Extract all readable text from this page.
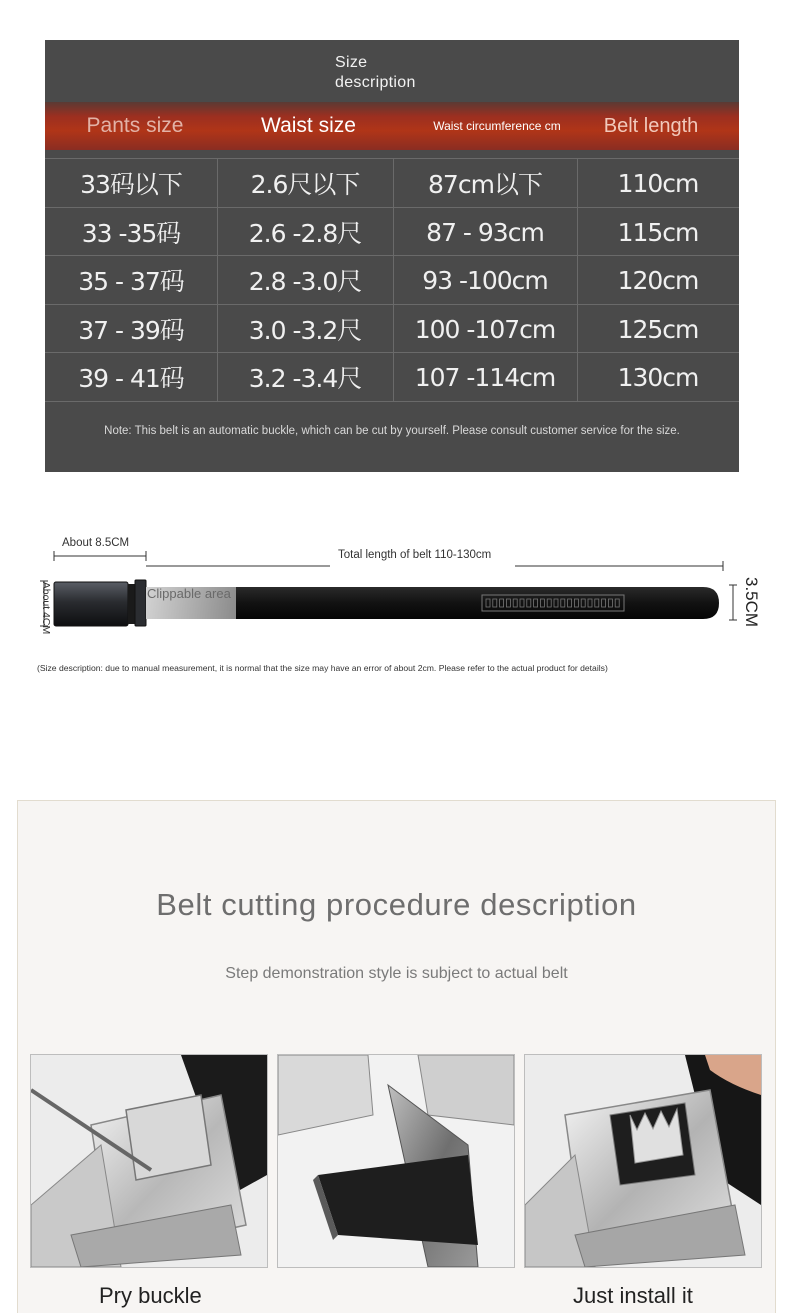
Size
description
Pants size	Waist size	Waist circumference cm	Belt length
33码以下	2.6尺以下	87cm以下	110cm
33 -35码	2.6 -2.8尺	87 - 93cm	115cm
35 - 37码	2.8 -3.0尺	93 -100cm	120cm
37 - 39码	3.0 -3.2尺	100 -107cm	125cm
39 - 41码	3.2 -3.4尺	107 -114cm	130cm
Note: This belt is an automatic buckle, which can be cut by yourself. Please consult customer service for the size.
About 8.5CM
Total length of belt 110-130cm
About 4CM	3.5CM
Clippable area
(Size description: due to manual measurement, it is normal that the size may have an error of about 2cm. Please refer to the actual product for details)
Belt cutting procedure description
Step demonstration style is subject to actual belt
Pry buckle	Just install it
